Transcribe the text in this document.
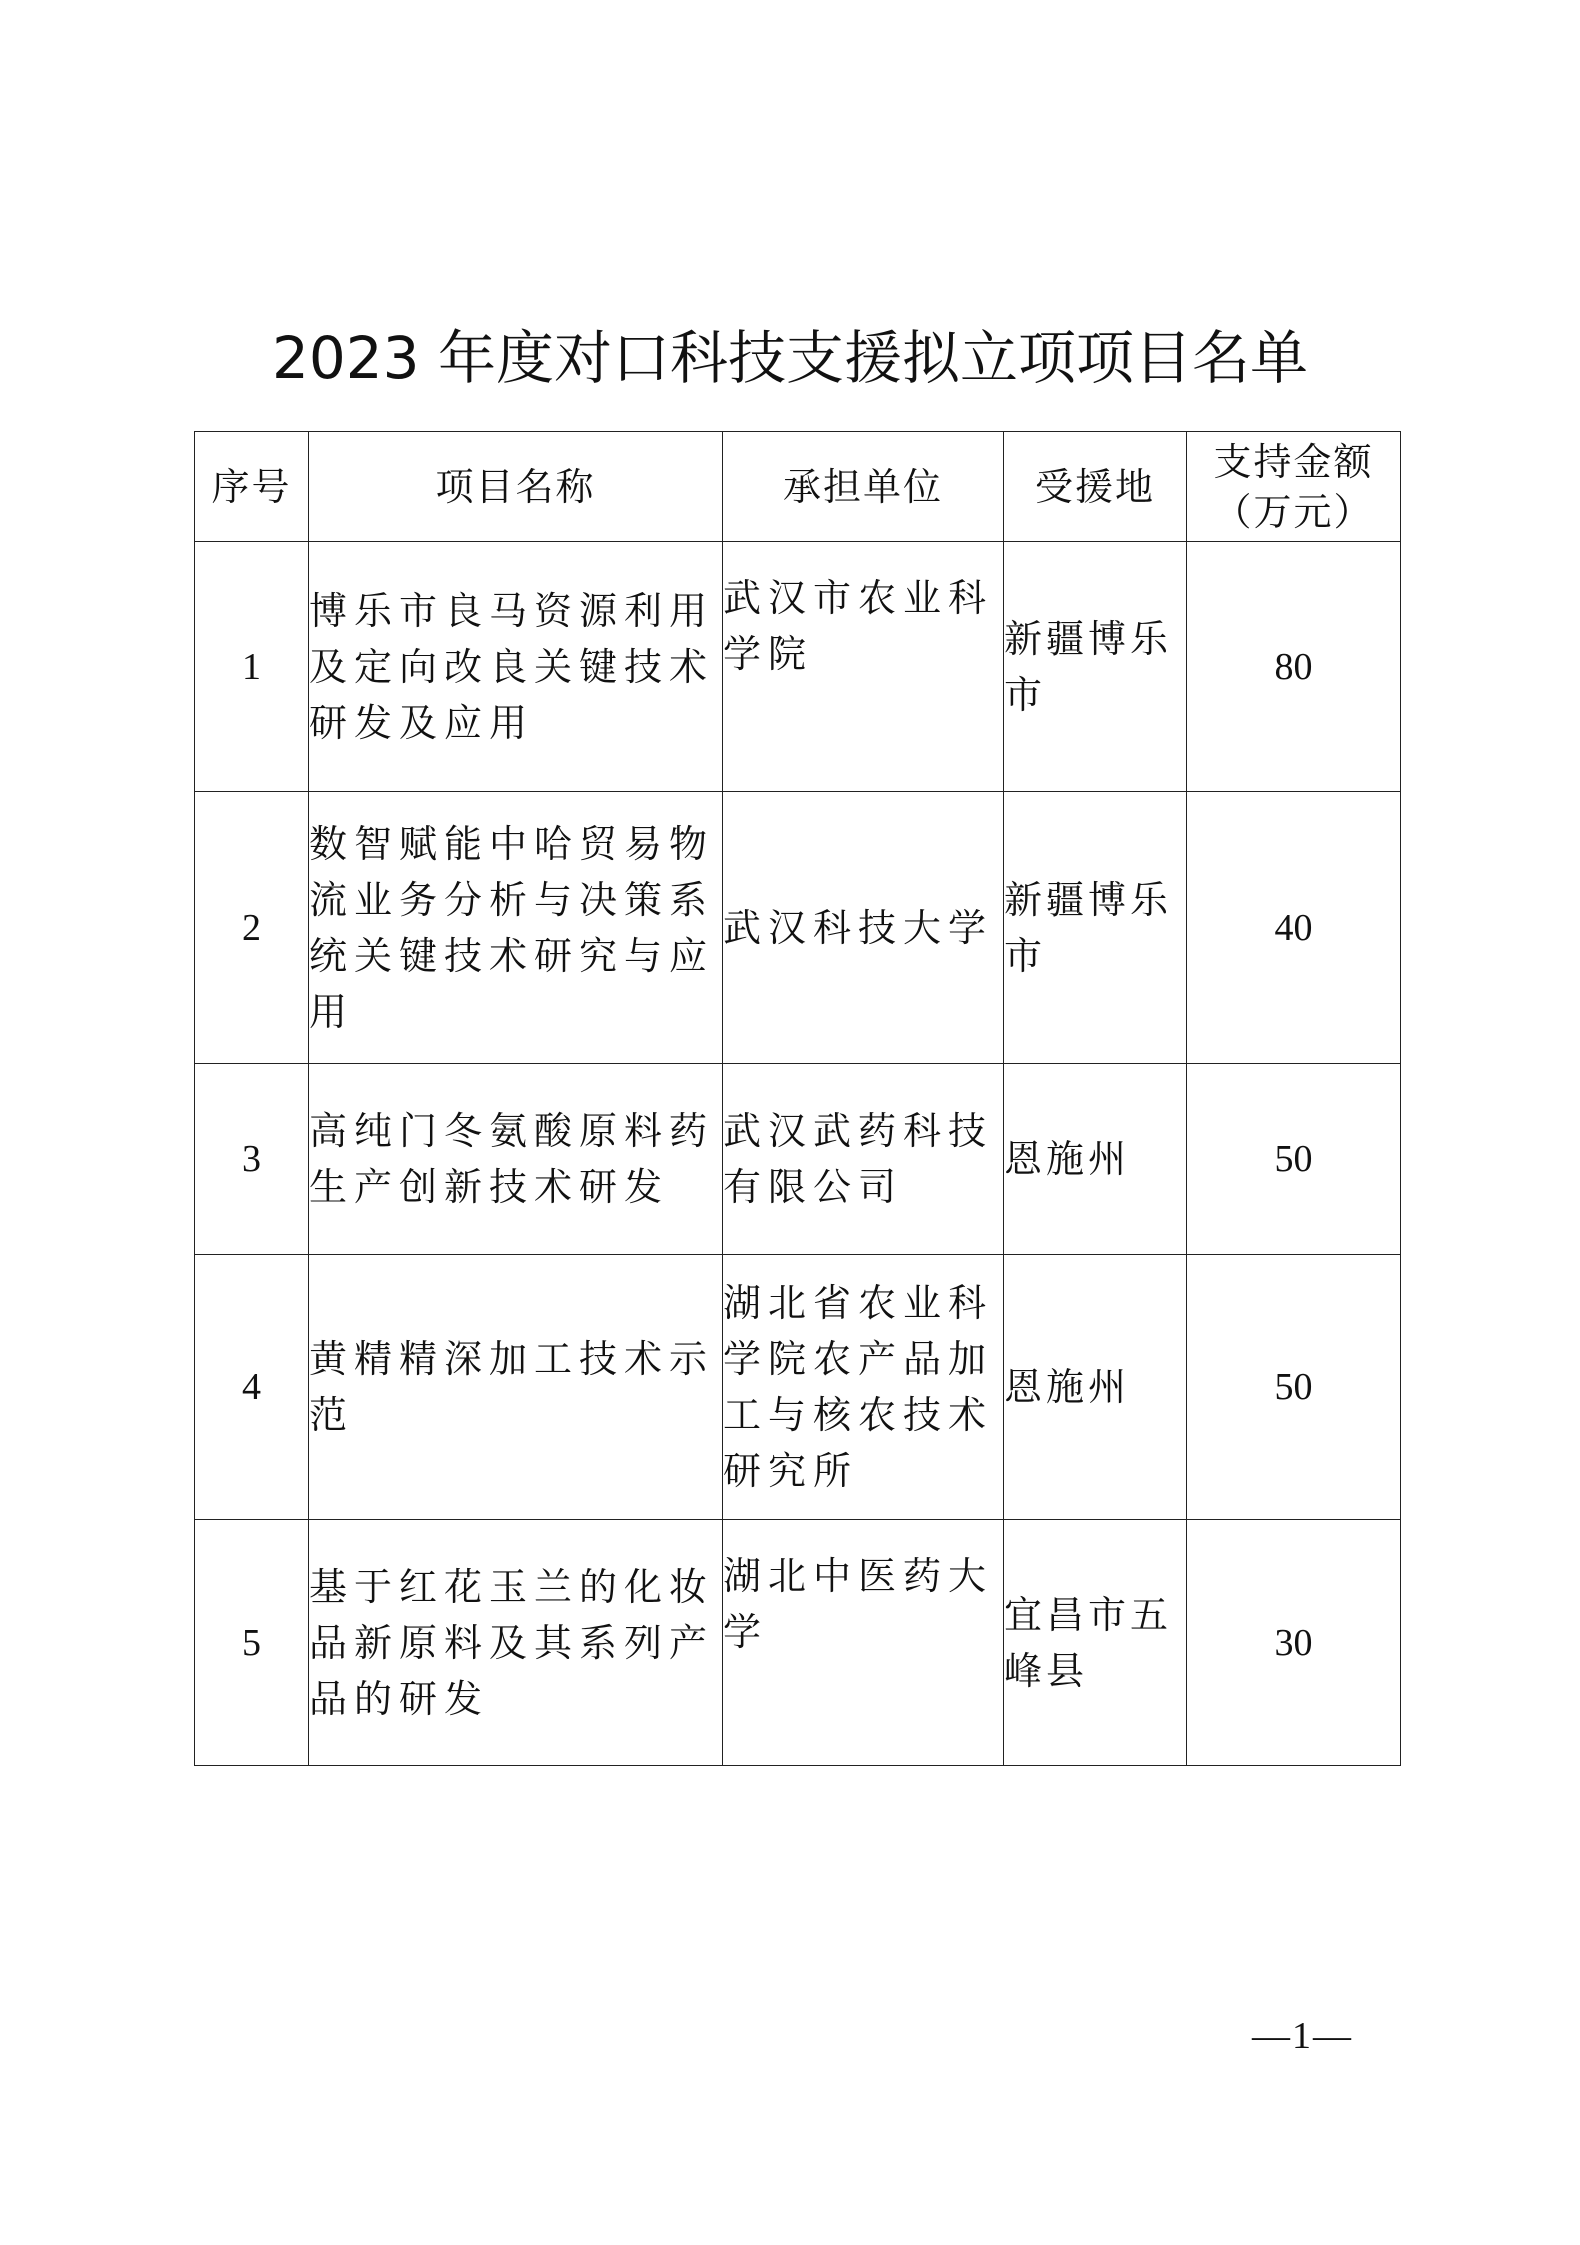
2023 年度对口科技支援拟立项项目名单
序号	项目名称	承担单位	受援地	支持金额
（万元）
1	博乐市良马资源利用及定向改良关键技术研发及应用	武汉市农业科学院	新疆博乐市	80
2	数智赋能中哈贸易物流业务分析与决策系统关键技术研究与应用	武汉科技大学	新疆博乐市	40
3	高纯门冬氨酸原料药生产创新技术研发	武汉武药科技有限公司	恩施州	50
4	黄精精深加工技术示范	湖北省农业科学院农产品加工与核农技术研究所	恩施州	50
5	基于红花玉兰的化妆品新原料及其系列产品的研发	湖北中医药大学	宜昌市五峰县	30
—1—
